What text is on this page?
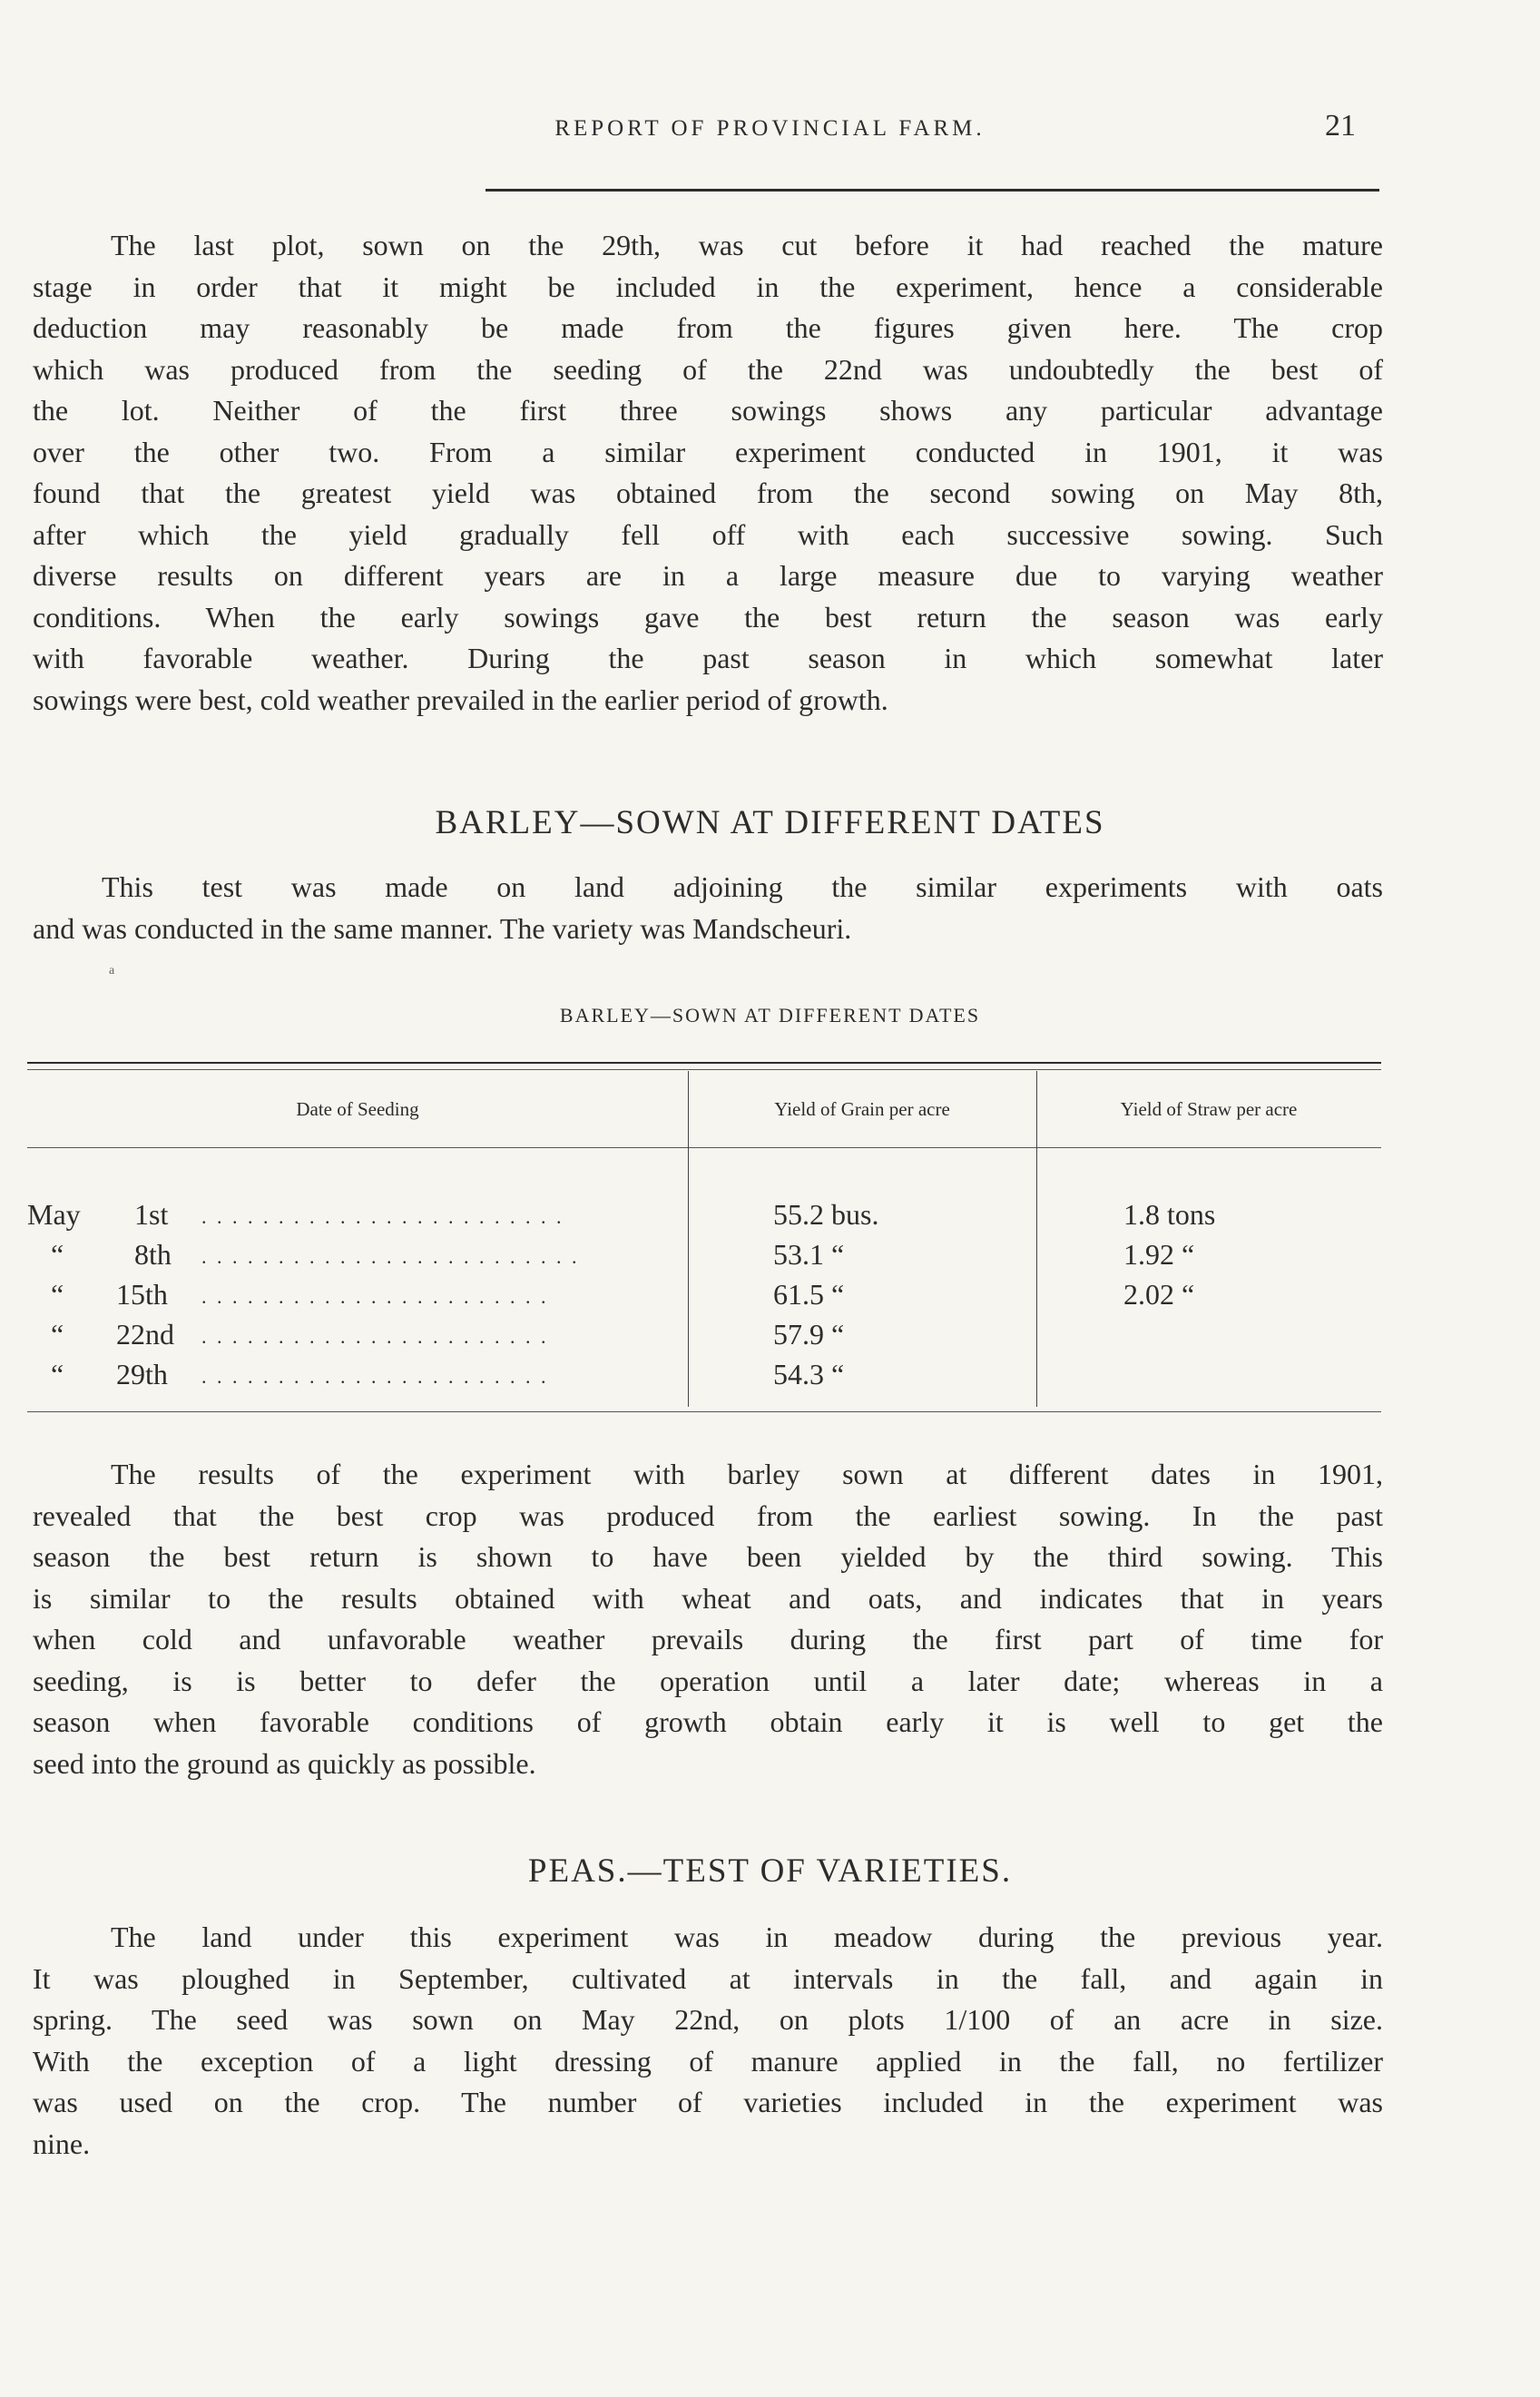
REPORT OF PROVINCIAL FARM.	21
The last plot, sown on the 29th, was cut before it had reached the mature
stage in order that it might be included in the experiment, hence a considerable
deduction may reasonably be made from the figures given here. The crop
which was produced from the seeding of the 22nd was undoubtedly the best of
the lot. Neither of the first three sowings shows any particular advantage
over the other two. From a similar experiment conducted in 1901, it was
found that the greatest yield was obtained from the second sowing on May 8th,
after which the yield gradually fell off with each successive sowing. Such
diverse results on different years are in a large measure due to varying weather
conditions. When the early sowings gave the best return the season was early
with favorable weather. During the past season in which somewhat later
sowings were best, cold weather prevailed in the earlier period of growth.
BARLEY—SOWN AT DIFFERENT DATES
This test was made on land adjoining the similar experiments with oats
and was conducted in the same manner. The variety was Mandscheuri.
a
BARLEY—SOWN AT DIFFERENT DATES
Date of Seeding	Yield of Grain per acre	Yield of Straw per acre
May 1st . . . . . . . . . . . . . . . . . . . . . . . .	55.2 bus.	1.8 tons
“ 8th . . . . . . . . . . . . . . . . . . . . . . . . .	53.1 “	1.92 “
“ 15th . . . . . . . . . . . . . . . . . . . . . . .	61.5 “	2.02 “
“ 22nd . . . . . . . . . . . . . . . . . . . . . . .	57.9 “
“ 29th . . . . . . . . . . . . . . . . . . . . . . .	54.3 “
The results of the experiment with barley sown at different dates in 1901,
revealed that the best crop was produced from the earliest sowing. In the past
season the best return is shown to have been yielded by the third sowing. This
is similar to the results obtained with wheat and oats, and indicates that in years
when cold and unfavorable weather prevails during the first part of time for
seeding, is is better to defer the operation until a later date; whereas in a
season when favorable conditions of growth obtain early it is well to get the
seed into the ground as quickly as possible.
PEAS.—TEST OF VARIETIES.
The land under this experiment was in meadow during the previous year.
It was ploughed in September, cultivated at intervals in the fall, and again in
spring. The seed was sown on May 22nd, on plots 1/100 of an acre in size.
With the exception of a light dressing of manure applied in the fall, no fertilizer
was used on the crop. The number of varieties included in the experiment was
nine.
